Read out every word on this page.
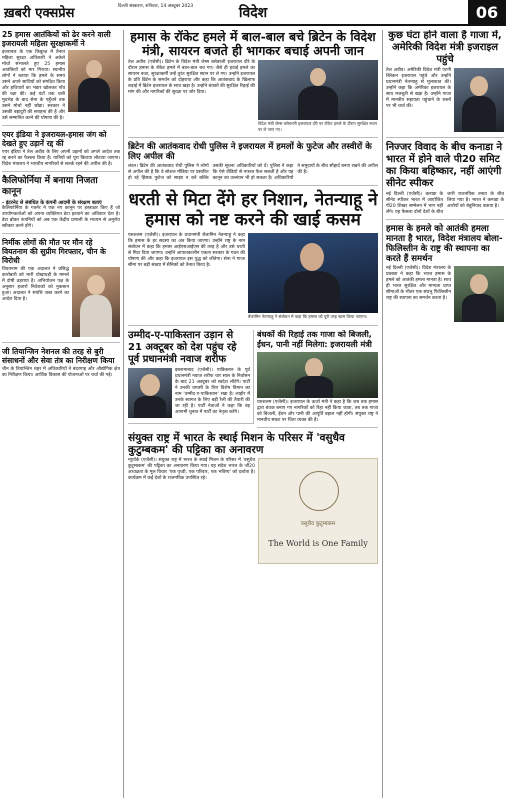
ख़बरी एक्सप्रेस	दिल्ली संस्करण, शनिवार, 14 अक्टूबर 2023	विदेश	06
25 हमास आतंकियों को ढेर करने वाली इजरायली महिला सुरक्षाकर्मी ने
इजरायल के एक किबुत्ज़ में तैनात महिला सुरक्षा अधिकारी ने अकेले मोर्चा संभालते हुए 25 हमास आतंकियों को मार गिराया। स्थानीय लोगों ने बताया कि हमले के समय उसने अपने साथियों को संगठित किया और हथियारों का भंडार खोलकर गाँव की रक्षा की। कई घंटों तक चली मुठभेड़ के बाद सेना के पहुँचने तक उसने मोर्चा नहीं छोड़ा। सरकार ने उसकी बहादुरी की सराहना की है और उसे सम्मानित करने की घोषणा की है।
एयर इंडिया ने इजरायल-हमास जंग को देखते हुए उड़ानें रद्द कीं
एयर इंडिया ने तेल अवीव के लिए अपनी उड़ानों को अगले आदेश तक रद्द करने का फैसला किया है। यात्रियों को पूरा किराया लौटाया जाएगा। विदेश मंत्रालय ने भारतीय नागरिकों से सतर्क रहने की अपील की है।
कैलिफोर्निया में बनाया निजता कानून
- इंटरनेट से संबंधित के कंपनी आदमी के संरक्षण बताएं
कैलिफोर्निया के गवर्नर ने एक नए कानून पर हस्ताक्षर किए हैं जो उपयोगकर्ताओं को अपना व्यक्तिगत डेटा हटवाने का अधिकार देता है। डेटा ब्रोकर कंपनियों को अब एक केंद्रीय प्रणाली के माध्यम से अनुरोध स्वीकार करने होंगे।
निर्मीक लोगों की मौत पर मौन रहे वियतनाम की सुप्रीम गिरफ्तार, चीन के विरोधी
वियतनाम की एक अदालत ने प्रसिद्ध कारोबारी को भारी धोखाधड़ी के मामले में दोषी ठहराया है। अभियोजन पक्ष के अनुसार हजारों निवेशकों को नुकसान हुआ। अदालत ने संपत्ति जब्त करने का आदेश दिया है।
जी तियान्जिन नेशनल की तरह से बुरी संसाधनों और सेवा तंत्र का निरीक्षण किया
चीन के तियान्जिन शहर में अधिकारियों ने बंदरगाह और औद्योगिक क्षेत्र का निरीक्षण किया। आर्थिक विकास की योजनाओं पर चर्चा की गई।
हमास के रॉकेट हमले में बाल-बाल बचे ब्रिटेन के विदेश मंत्री, सायरन बजते ही भागकर बचाई अपनी जान
विदेश मंत्री जेम्स क्लेवरली इजरायल दौरे पर रॉकेट हमले के दौरान सुरक्षित स्थान पर ले जाए गए।
तेल अवीव (एजेंसी)। ब्रिटेन के विदेश मंत्री जेम्स क्लेवरली इजरायल दौरे के दौरान हमास के रॉकेट हमले में बाल-बाल बच गए। जैसे ही हवाई हमले का सायरन बजा, सुरक्षाकर्मी उन्हें तुरंत सुरक्षित स्थान पर ले गए। उन्होंने इजरायल के प्रति ब्रिटेन के समर्थन को दोहराया और कहा कि आतंकवाद के खिलाफ लड़ाई में ब्रिटेन इजरायल के साथ खड़ा है। उन्होंने बंधकों की सुरक्षित रिहाई की मांग की और नागरिकों की सुरक्षा पर जोर दिया।
ब्रिटेन की आतंकवाद रोधी पुलिस ने इजरायल में हमलों के फुटेज और तस्वीरों के लिए अपील की
लंदन। ब्रिटेन की आतंकवाद रोधी पुलिस ने लोगों से अपील की है कि वे सोशल मीडिया पर प्रसारित हो रहे हिंसक फुटेज को साझा न करें बल्कि उसकी सूचना अधिकारियों को दें। पुलिस ने कहा कि ऐसे वीडियो से नफरत फैल सकती है और यह कानून का उल्लंघन भी हो सकता है। अधिकारियों ने समुदायों के बीच सौहार्द बनाए रखने की अपील की है।
धरती से मिटा देंगे हर निशान, नेतन्याहू ने हमास को नष्ट करने की खाई कसम
बेंजामिन नेतन्याहू ने संबोधन में कहा कि हमास को पूरी तरह खत्म किया जाएगा।
यरुशलम (एजेंसी)। इजरायल के प्रधानमंत्री बेंजामिन नेतन्याहू ने कहा कि हमास के हर सदस्य का अंत किया जाएगा। उन्होंने राष्ट्र के नाम संबोधन में कहा कि हमास आईएसआईएस की तरह है और उसे धरती से मिटा दिया जाएगा। उन्होंने आपातकालीन एकता सरकार के गठन की घोषणा की और कहा कि इजरायल इस युद्ध को जीतेगा। सेना ने गाजा सीमा पर बड़ी संख्या में सैनिकों को तैनात किया है।
उम्मीद-ए-पाकिस्तान उड़ान से 21 अक्टूबर को देश पहुंच रहे पूर्व प्रधानमंत्री नवाज शरीफ
इस्लामाबाद (एजेंसी)। पाकिस्तान के पूर्व प्रधानमंत्री नवाज शरीफ चार साल के निर्वासन के बाद 21 अक्टूबर को स्वदेश लौटेंगे। पार्टी ने उनकी वापसी के लिए विशेष विमान का नाम 'उम्मीद-ए-पाकिस्तान' रखा है। लाहौर में उनके स्वागत के लिए बड़ी रैली की तैयारी की जा रही है। पार्टी नेताओं ने कहा कि वह आगामी चुनाव में पार्टी का नेतृत्व करेंगे।
बंधकों की रिहाई तक गाजा को बिजली, ईंधन, पानी नहीं मिलेगा: इजरायली मंत्री
यरुशलम (एजेंसी)। इजरायल के ऊर्जा मंत्री ने कहा है कि जब तक हमास द्वारा बंधक बनाए गए नागरिकों को रिहा नहीं किया जाता, तब तक गाजा को बिजली, ईंधन और पानी की आपूर्ति बहाल नहीं होगी। संयुक्त राष्ट्र ने मानवीय संकट पर चिंता व्यक्त की है।
संयुक्त राष्ट्र में भारत के स्थाई मिशन के परिसर में 'वसुधैव कुटुम्बकम' की पट्टिका का अनावरण
वसुधैव कुटुम्बकम
The World is One Family
न्यूयॉर्क (एजेंसी)। संयुक्त राष्ट्र में भारत के स्थाई मिशन के परिसर में 'वसुधैव कुटुम्बकम' की पट्टिका का अनावरण किया गया। यह संदेश भारत के जी20 अध्यक्षता के मूल विचार 'एक पृथ्वी, एक परिवार, एक भविष्य' को दर्शाता है। कार्यक्रम में कई देशों के राजनयिक उपस्थित रहे।
कुछ घंटा होने वाला है गाजा में, अमेरिकी विदेश मंत्री इजराइल पहुंचे
तेल अवीव। अमेरिकी विदेश मंत्री एंटनी ब्लिंकन इजरायल पहुंचे और उन्होंने प्रधानमंत्री नेतन्याहू से मुलाकात की। उन्होंने कहा कि अमेरिका इजरायल के साथ मजबूती से खड़ा है। उन्होंने गाजा में मानवीय सहायता पहुंचाने के रास्तों पर भी चर्चा की।
निज्जर विवाद के बीच कनाडा ने भारत में होने वाले पी20 समिट का किया बहिष्कार, नहीं आएंगी सीनेट स्पीकर
नई दिल्ली (एजेंसी)। कनाडा के सीनेट स्पीकर भारत में आयोजित पी20 शिखर सम्मेलन में भाग नहीं लेंगे। यह फैसला दोनों देशों के बीच जारी राजनयिक तनाव के बीच लिया गया है। भारत ने कनाडा के आरोपों को बेबुनियाद बताया है।
हमास के हमले को आतंकी हमला मानता है भारत, विदेश मंत्रालय बोला-फिलिस्तीन के राष्ट्र की स्थापना का करते हैं समर्थन
नई दिल्ली (एजेंसी)। विदेश मंत्रालय के प्रवक्ता ने कहा कि भारत हमास के हमले को आतंकी हमला मानता है। साथ ही भारत सुरक्षित और मान्यता प्राप्त सीमाओं के भीतर एक संप्रभु फिलिस्तीन राष्ट्र की स्थापना का समर्थन करता है।
